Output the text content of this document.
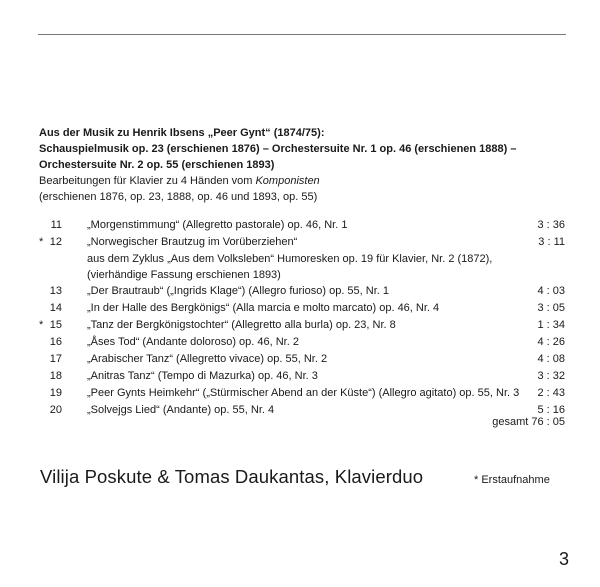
Aus der Musik zu Henrik Ibsens „Peer Gynt“ (1874/75):
Schauspielmusik op. 23 (erschienen 1876) – Orchestersuite Nr. 1 op. 46 (erschienen 1888) –
Orchestersuite Nr. 2 op. 55 (erschienen 1893)
Bearbeitungen für Klavier zu 4 Händen vom Komponisten
(erschienen 1876, op. 23, 1888, op. 46 und 1893, op. 55)
11 „Morgenstimmung“ (Allegretto pastorale) op. 46, Nr. 1	3 : 36
* 12 „Norwegischer Brautzug im Vorüberziehen“	3 : 11
aus dem Zyklus „Aus dem Volksleben“ Humoresken op. 19 für Klavier, Nr. 2 (1872),
(vierhändige Fassung erschienen 1893)
13 „Der Brautraub“ („Ingrids Klage“) (Allegro furioso) op. 55, Nr. 1	4 : 03
14 „In der Halle des Bergkönigs“ (Alla marcia e molto marcato) op. 46, Nr. 4	3 : 05
* 15 „Tanz der Bergkönigstochter“ (Allegretto alla burla) op. 23, Nr. 8	1 : 34
16 „Åses Tod“ (Andante doloroso) op. 46, Nr. 2	4 : 26
17 „Arabischer Tanz“ (Allegretto vivace) op. 55, Nr. 2	4 : 08
18 „Anitras Tanz“ (Tempo di Mazurka) op. 46, Nr. 3	3 : 32
19 „Peer Gynts Heimkehr“ („Stürmischer Abend an der Küste“) (Allegro agitato) op. 55, Nr. 3 2 : 43
20 „Solvejgs Lied“ (Andante) op. 55, Nr. 4	5 : 16
gesamt 76 : 05
Vilija Poskute & Tomas Daukantas, Klavierduo	* Erstaufnahme
3
